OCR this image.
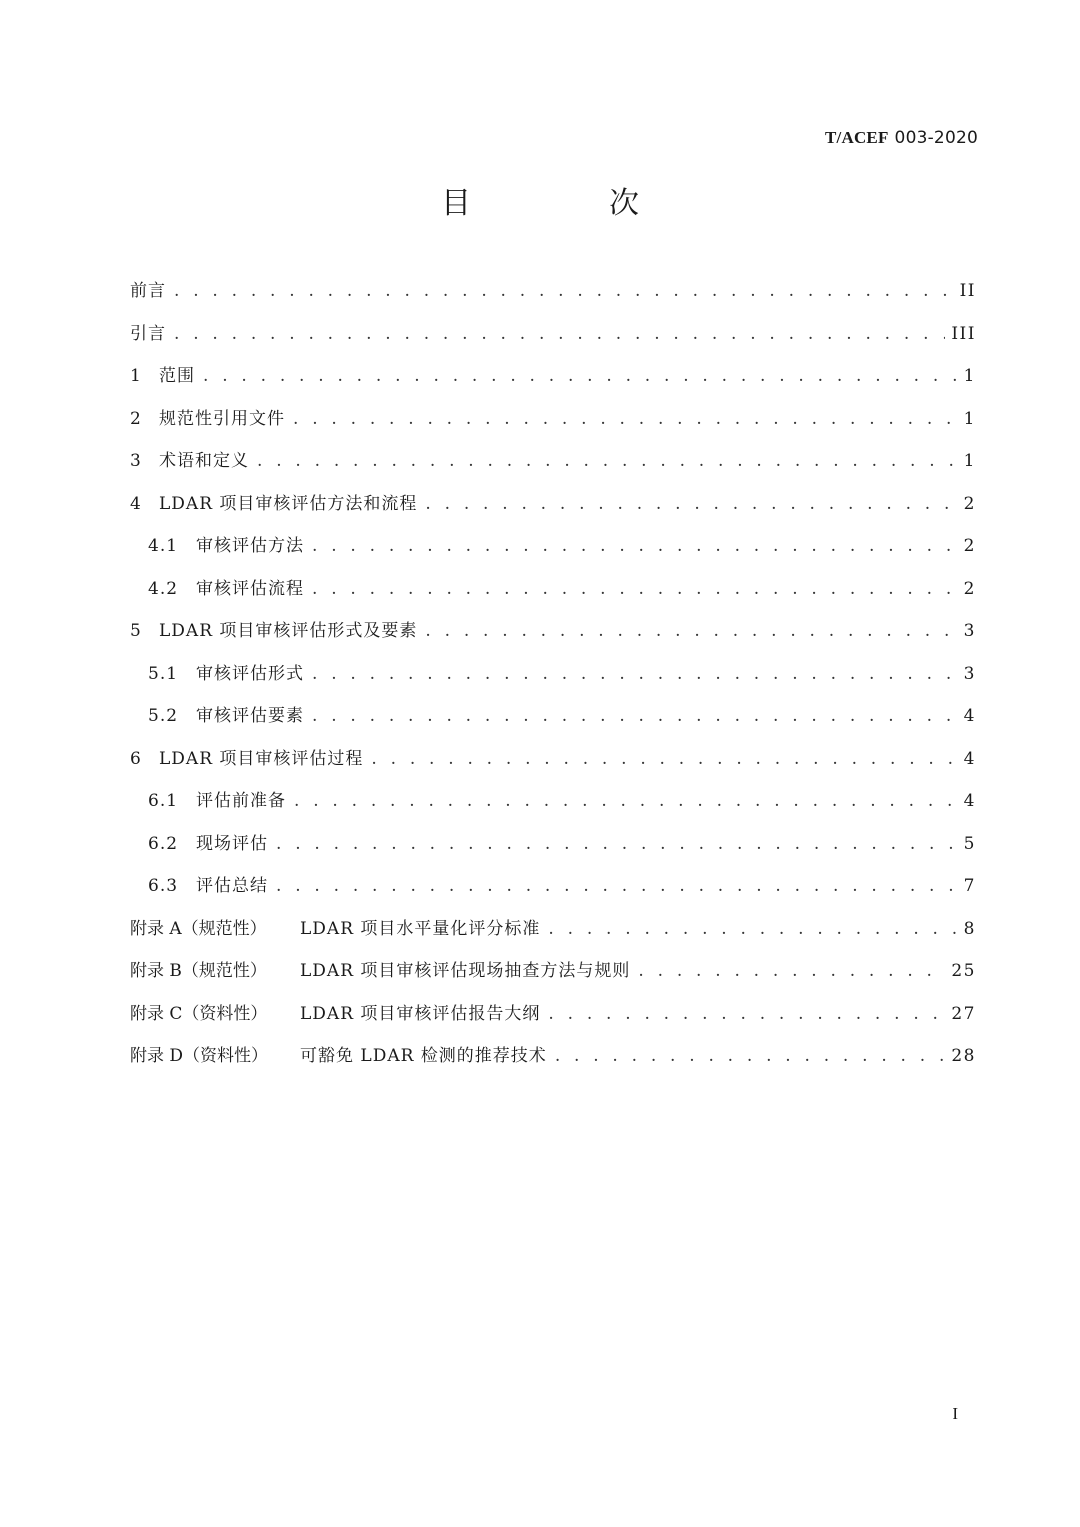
T/ACEF 003-2020
目　次
前言 . . .	II
引言 . . .	III
1	范围 . . .	1
2	规范性引用文件 . . .	1
3	术语和定义 . . .	1
4	LDAR 项目审核评估方法和流程 . . .	2
4.1	审核评估方法 . . .	2
4.2	审核评估流程 . . .	2
5	LDAR 项目审核评估形式及要素 . . .	3
5.1	审核评估形式 . . .	3
5.2	审核评估要素 . . .	4
6	LDAR 项目审核评估过程 . . .	4
6.1	评估前准备 . . .	4
6.2	现场评估 . . .	5
6.3	评估总结 . . .	7
附录 A（规范性）	LDAR 项目水平量化评分标准 . . .	8
附录 B（规范性）	LDAR 项目审核评估现场抽查方法与规则 . . .	25
附录 C（资料性）	LDAR 项目审核评估报告大纲 . . .	27
附录 D（资料性）	可豁免 LDAR 检测的推荐技术 . . .	28
I
